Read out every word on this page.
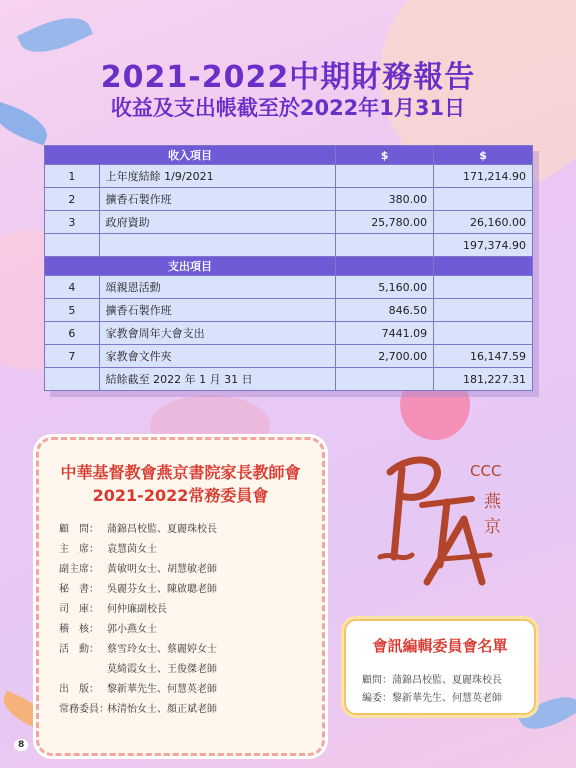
2021-2022中期財務報告
收益及支出帳截至於2022年1月31日
收入項目		$	$
1	上年度結餘 1/9/2021		171,214.90
2	擴香石製作班	380.00	
3	政府資助	25,780.00	26,160.00
			197,374.90
支出項目			
4	頌親恩活動	5,160.00	
5	擴香石製作班	846.50	
6	家教會周年大會支出	7441.09	
7	家教會文件夾	2,700.00	16,147.59
	結餘截至 2022 年 1 月 31 日		181,227.31
中華基督教會燕京書院家長教師會
2021-2022常務委員會
顧　問： 蒲錦昌校監、夏麗珠校長
主　席： 袁慧茵女士
副主席： 黃敏明女士、胡慧敏老師
秘　書： 吳麗芬女士、陳啟聰老師
司　庫： 何仲廉副校長
稽　核： 郭小燕女士
活　動： 蔡雪玲女士、蔡麗婷女士
莫綺霞女士、王俊傑老師
出　版： 黎新華先生、何慧英老師
常務委員：林清怡女士、顏正斌老師
CCC
燕
京
會訊編輯委員會名單
顧問：蒲錦昌校監、夏麗珠校長
編委：黎新華先生、何慧英老師
8
